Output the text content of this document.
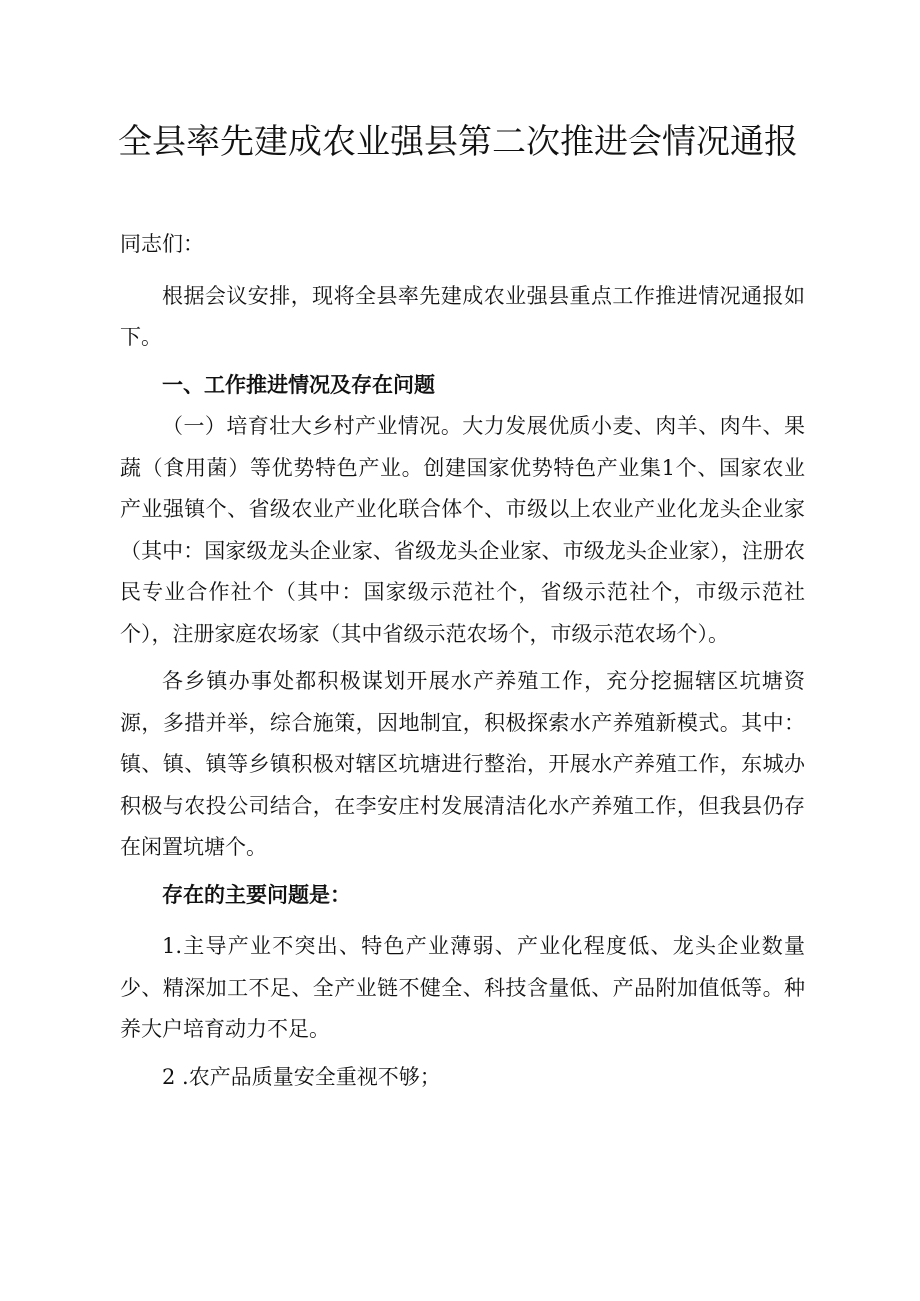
全县率先建成农业强县第二次推进会情况通报

同志们：

根据会议安排，现将全县率先建成农业强县重点工作推进情况通报如下。

一、工作推进情况及存在问题

（一）培育壮大乡村产业情况。大力发展优质小麦、肉羊、肉牛、果蔬（食用菌）等优势特色产业。创建国家优势特色产业集1个、国家农业产业强镇个、省级农业产业化联合体个、市级以上农业产业化龙头企业家（其中：国家级龙头企业家、省级龙头企业家、市级龙头企业家），注册农民专业合作社个（其中：国家级示范社个，省级示范社个，市级示范社个），注册家庭农场家（其中省级示范农场个，市级示范农场个）。

各乡镇办事处都积极谋划开展水产养殖工作，充分挖掘辖区坑塘资源，多措并举，综合施策，因地制宜，积极探索水产养殖新模式。其中：镇、镇、镇等乡镇积极对辖区坑塘进行整治，开展水产养殖工作，东城办积极与农投公司结合，在李安庄村发展清洁化水产养殖工作，但我县仍存在闲置坑塘个。

存在的主要问题是：

1.主导产业不突出、特色产业薄弱、产业化程度低、龙头企业数量少、精深加工不足、全产业链不健全、科技含量低、产品附加值低等。种养大户培育动力不足。

2 .农产品质量安全重视不够；
